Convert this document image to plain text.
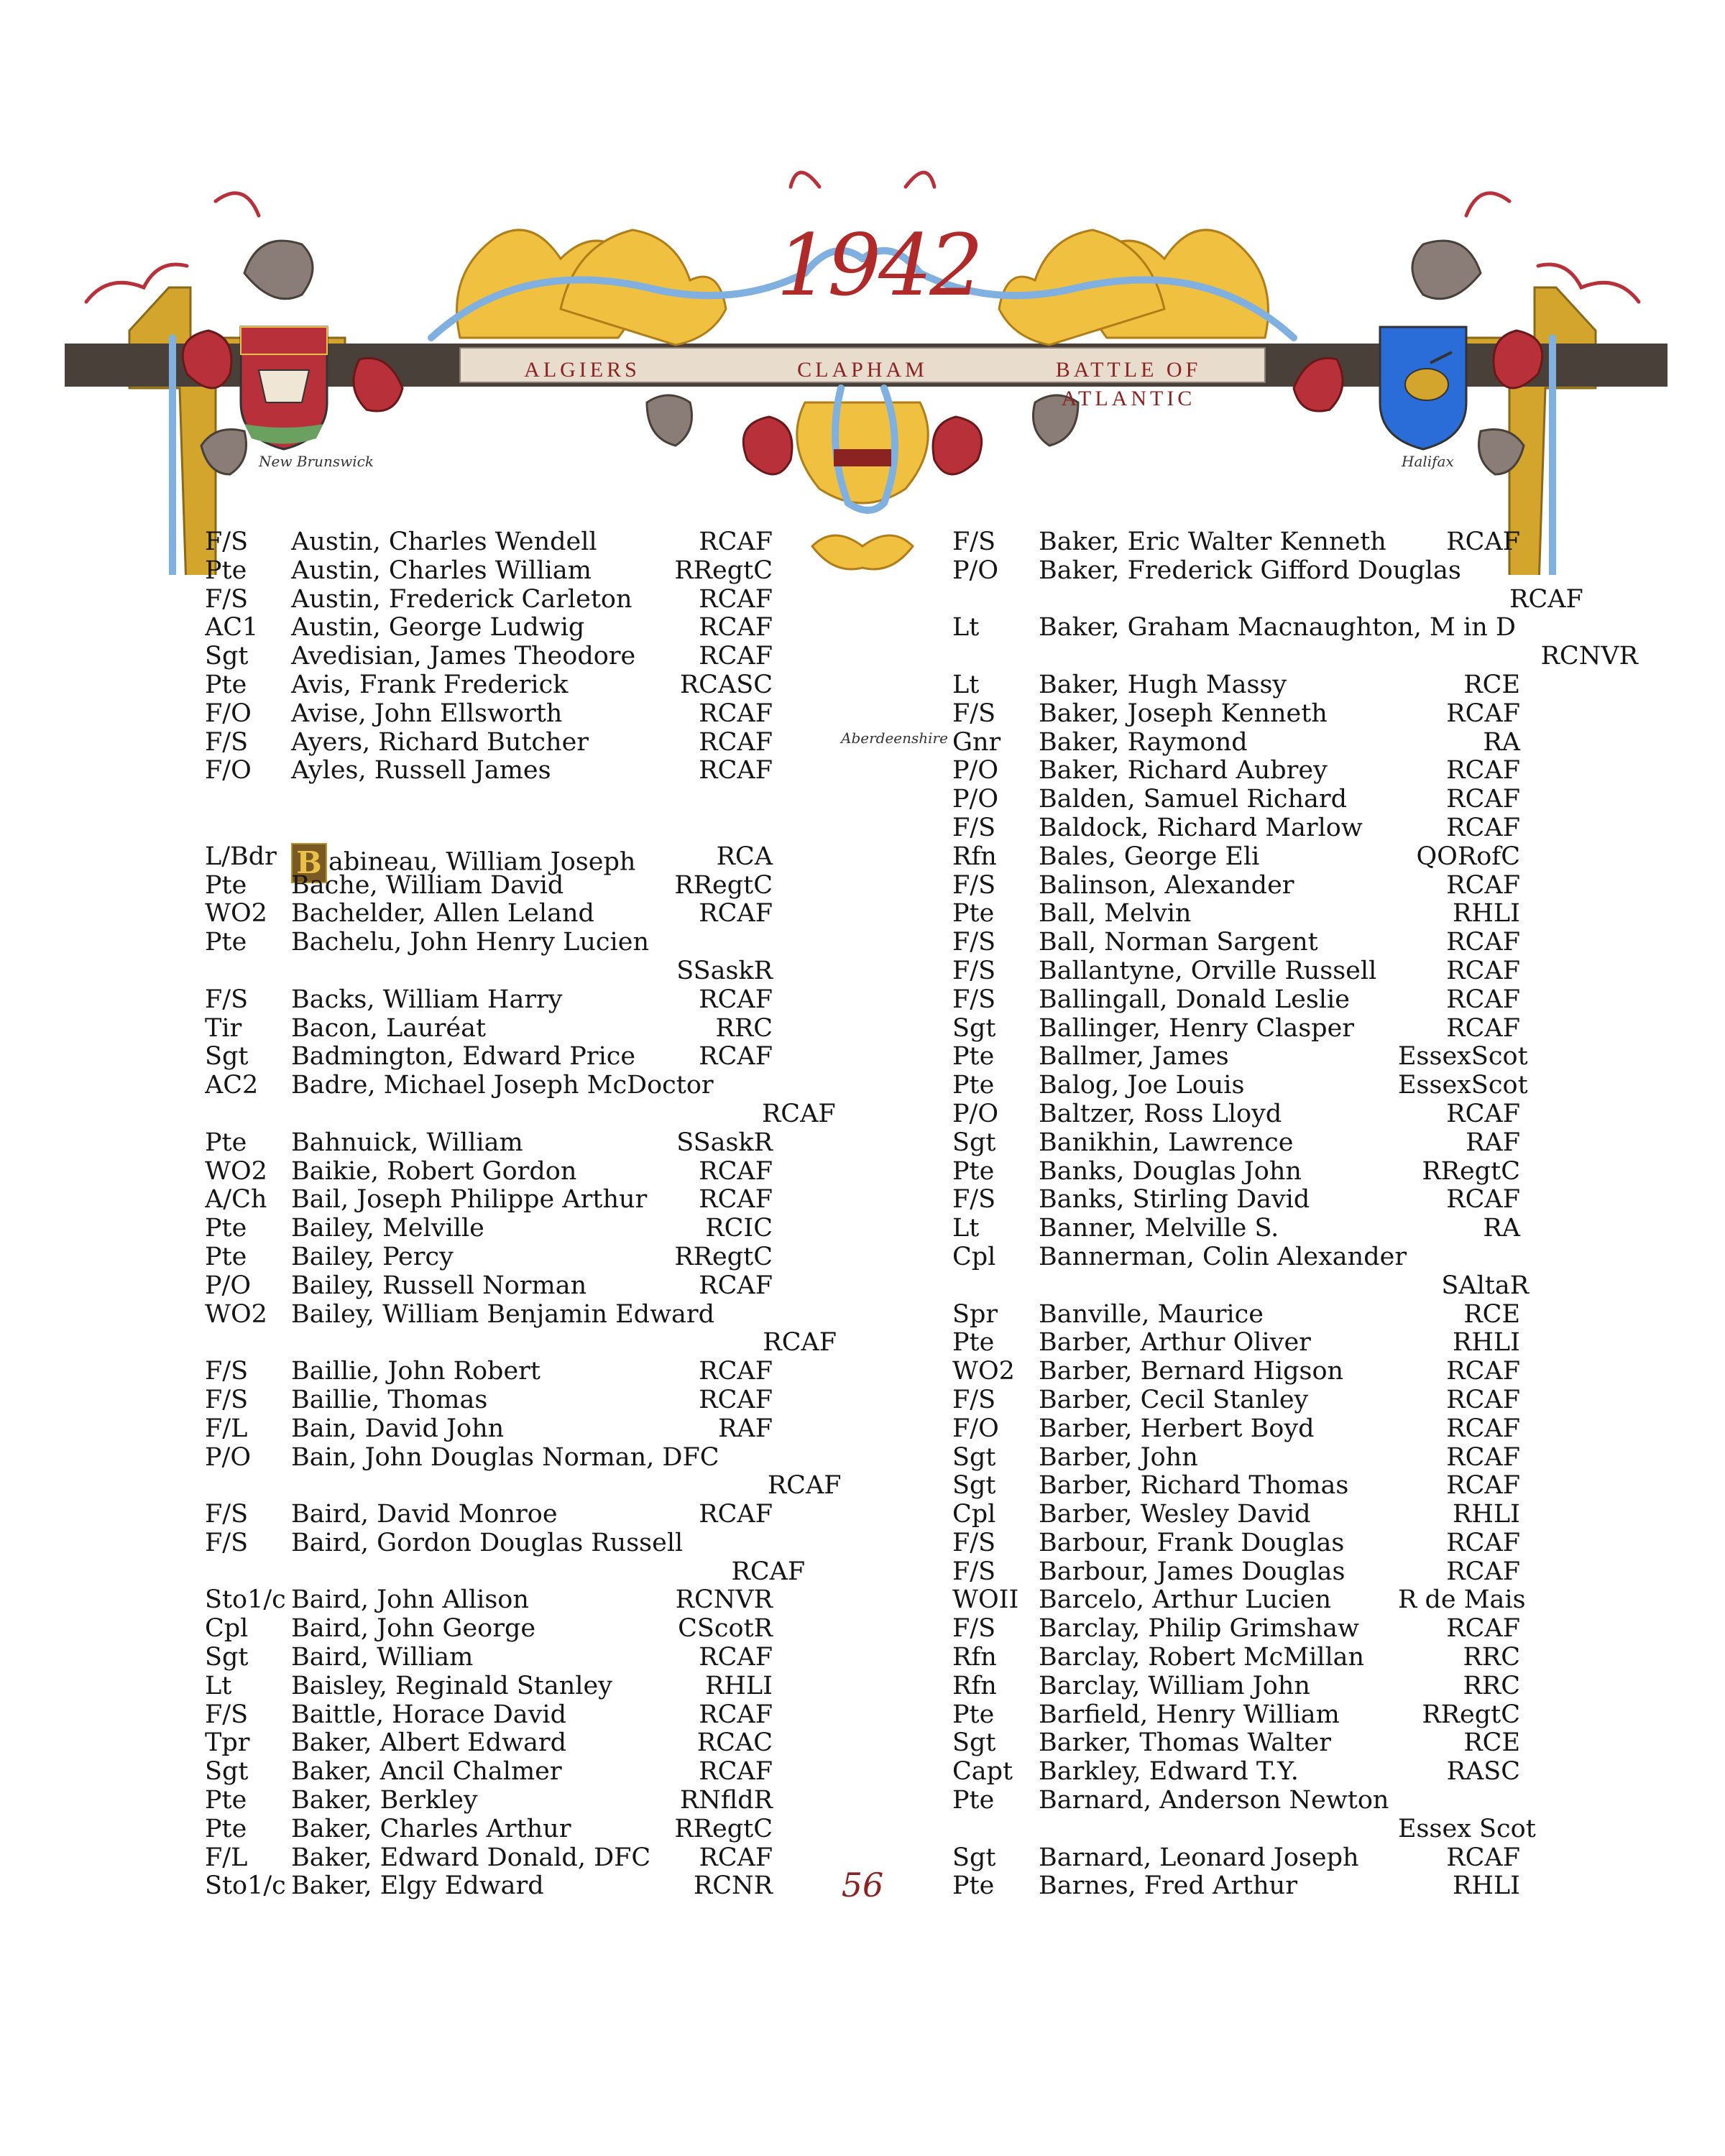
1942
ALGIERS	CLAPHAM	BATTLE OF ATLANTIC
New Brunswick
Aberdeenshire
Halifax
F/S	Austin, Charles Wendell	RCAF
Pte	Austin, Charles William	RRegtC
F/S	Austin, Frederick Carleton	RCAF
AC1	Austin, George Ludwig	RCAF
Sgt	Avedisian, James Theodore	RCAF
Pte	Avis, Frank Frederick	RCASC
F/O	Avise, John Ellsworth	RCAF
F/S	Ayers, Richard Butcher	RCAF
F/O	Ayles, Russell James	RCAF
L/Bdr B abineau, William Joseph	RCA
Pte	Bache, William David	RRegtC
WO2 Bachelder, Allen Leland	RCAF
Pte	Bachelu, John Henry Lucien
SSaskR
F/S	Backs, William Harry	RCAF
Tir	Bacon, Lauréat	RRC
Sgt	Badmington, Edward Price	RCAF
AC2	Badre, Michael Joseph McDoctor
RCAF
Pte	Bahnuick, William	SSaskR
WO2 Baikie, Robert Gordon	RCAF
A/Ch Bail, Joseph Philippe Arthur	RCAF
Pte	Bailey, Melville	RCIC
Pte	Bailey, Percy	RRegtC
P/O	Bailey, Russell Norman	RCAF
WO2 Bailey, William Benjamin Edward
RCAF
F/S	Baillie, John Robert	RCAF
F/S	Baillie, Thomas	RCAF
F/L	Bain, David John	RAF
P/O	Bain, John Douglas Norman, DFC
RCAF
F/S	Baird, David Monroe	RCAF
F/S	Baird, Gordon Douglas Russell
RCAF
Sto1/c Baird, John Allison	RCNVR
Cpl	Baird, John George	CScotR
Sgt	Baird, William	RCAF
Lt	Baisley, Reginald Stanley	RHLI
F/S	Baittle, Horace David	RCAF
Tpr	Baker, Albert Edward	RCAC
Sgt	Baker, Ancil Chalmer	RCAF
Pte	Baker, Berkley	RNfldR
Pte	Baker, Charles Arthur	RRegtC
F/L	Baker, Edward Donald, DFC	RCAF
Sto1/c Baker, Elgy Edward	RCNR
F/S	Baker, Eric Walter Kenneth	RCAF
P/O	Baker, Frederick Gifford Douglas
RCAF
Lt	Baker, Graham Macnaughton, M in D
RCNVR
Lt	Baker, Hugh Massy	RCE
F/S	Baker, Joseph Kenneth	RCAF
Gnr	Baker, Raymond	RA
P/O	Baker, Richard Aubrey	RCAF
P/O	Balden, Samuel Richard	RCAF
F/S	Baldock, Richard Marlow	RCAF
Rfn	Bales, George Eli	QORofC
F/S	Balinson, Alexander	RCAF
Pte	Ball, Melvin	RHLI
F/S	Ball, Norman Sargent	RCAF
F/S	Ballantyne, Orville Russell	RCAF
F/S	Ballingall, Donald Leslie	RCAF
Sgt	Ballinger, Henry Clasper	RCAF
Pte	Ballmer, James	EssexScot
Pte	Balog, Joe Louis	EssexScot
P/O	Baltzer, Ross Lloyd	RCAF
Sgt	Banikhin, Lawrence	RAF
Pte	Banks, Douglas John	RRegtC
F/S	Banks, Stirling David	RCAF
Lt	Banner, Melville S.	RA
Cpl	Bannerman, Colin Alexander
SAltaR
Spr	Banville, Maurice	RCE
Pte	Barber, Arthur Oliver	RHLI
WO2 Barber, Bernard Higson	RCAF
F/S	Barber, Cecil Stanley	RCAF
F/O	Barber, Herbert Boyd	RCAF
Sgt	Barber, John	RCAF
Sgt	Barber, Richard Thomas	RCAF
Cpl	Barber, Wesley David	RHLI
F/S	Barbour, Frank Douglas	RCAF
F/S	Barbour, James Douglas	RCAF
WOII Barcelo, Arthur Lucien	R de Mais
F/S	Barclay, Philip Grimshaw	RCAF
Rfn	Barclay, Robert McMillan	RRC
Rfn	Barclay, William John	RRC
Pte	Barfield, Henry William	RRegtC
Sgt	Barker, Thomas Walter	RCE
Capt	Barkley, Edward T.Y.	RASC
Pte	Barnard, Anderson Newton
Essex Scot
Sgt	Barnard, Leonard Joseph	RCAF
Pte	Barnes, Fred Arthur	RHLI
56
